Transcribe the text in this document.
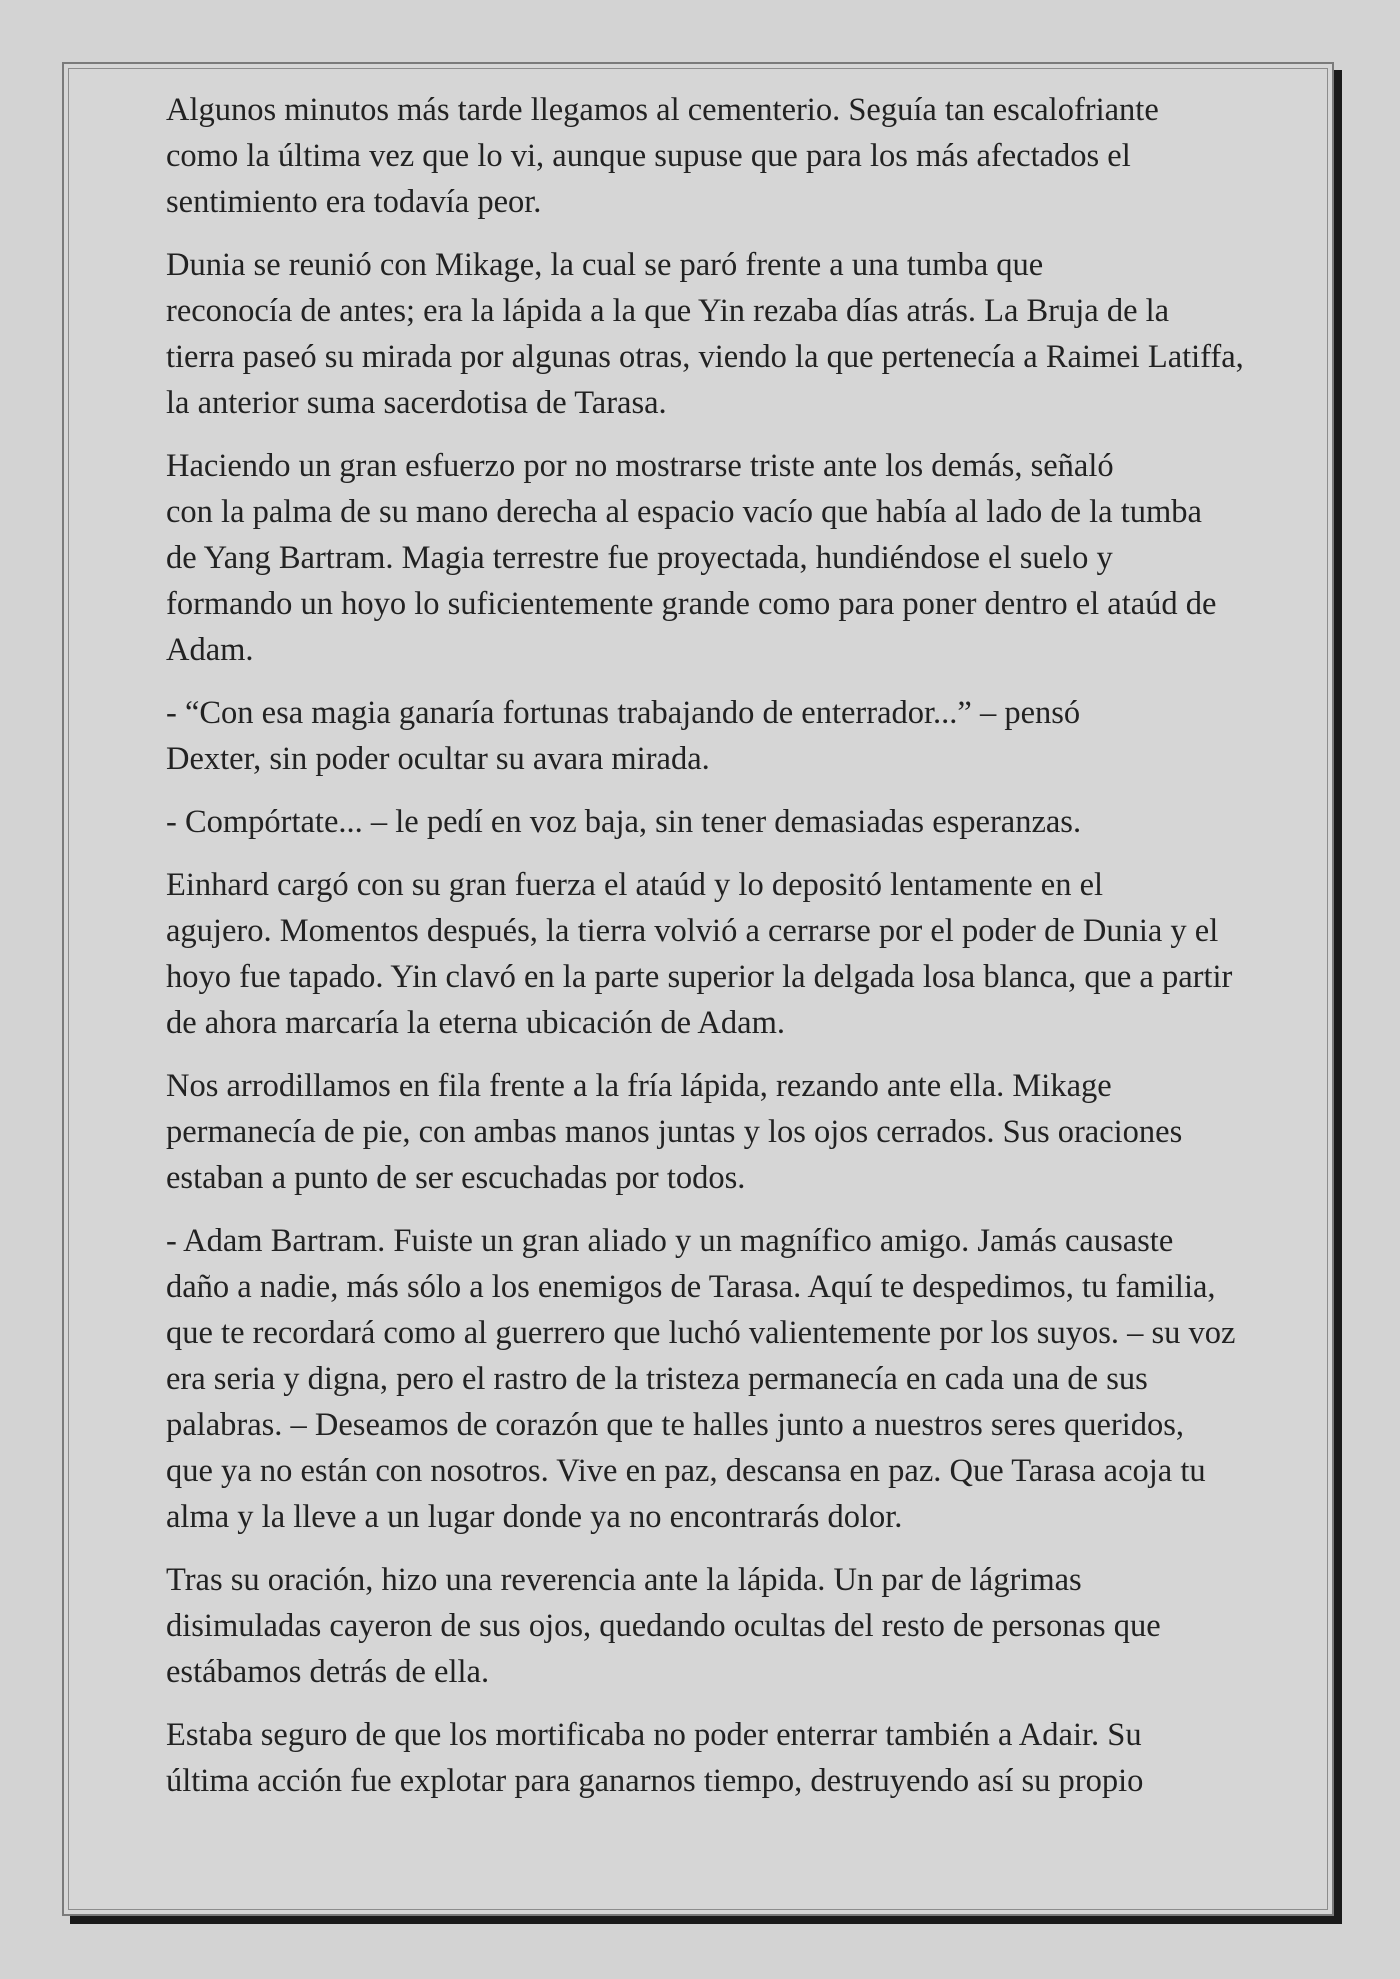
Algunos minutos más tarde llegamos al cementerio. Seguía tan escalofriante
como la última vez que lo vi, aunque supuse que para los más afectados el
sentimiento era todavía peor.

Dunia se reunió con Mikage, la cual se paró frente a una tumba que
reconocía de antes; era la lápida a la que Yin rezaba días atrás. La Bruja de la
tierra paseó su mirada por algunas otras, viendo la que pertenecía a Raimei Latiffa,
la anterior suma sacerdotisa de Tarasa.

Haciendo un gran esfuerzo por no mostrarse triste ante los demás, señaló
con la palma de su mano derecha al espacio vacío que había al lado de la tumba
de Yang Bartram. Magia terrestre fue proyectada, hundiéndose el suelo y
formando un hoyo lo suficientemente grande como para poner dentro el ataúd de
Adam.

- “Con esa magia ganaría fortunas trabajando de enterrador...” – pensó
Dexter, sin poder ocultar su avara mirada.

- Compórtate... – le pedí en voz baja, sin tener demasiadas esperanzas.

Einhard cargó con su gran fuerza el ataúd y lo depositó lentamente en el
agujero. Momentos después, la tierra volvió a cerrarse por el poder de Dunia y el
hoyo fue tapado. Yin clavó en la parte superior la delgada losa blanca, que a partir
de ahora marcaría la eterna ubicación de Adam.

Nos arrodillamos en fila frente a la fría lápida, rezando ante ella. Mikage
permanecía de pie, con ambas manos juntas y los ojos cerrados. Sus oraciones
estaban a punto de ser escuchadas por todos.

- Adam Bartram. Fuiste un gran aliado y un magnífico amigo. Jamás causaste
daño a nadie, más sólo a los enemigos de Tarasa. Aquí te despedimos, tu familia,
que te recordará como al guerrero que luchó valientemente por los suyos. – su voz
era seria y digna, pero el rastro de la tristeza permanecía en cada una de sus
palabras. – Deseamos de corazón que te halles junto a nuestros seres queridos,
que ya no están con nosotros. Vive en paz, descansa en paz. Que Tarasa acoja tu
alma y la lleve a un lugar donde ya no encontrarás dolor.

Tras su oración, hizo una reverencia ante la lápida. Un par de lágrimas
disimuladas cayeron de sus ojos, quedando ocultas del resto de personas que
estábamos detrás de ella.

Estaba seguro de que los mortificaba no poder enterrar también a Adair. Su
última acción fue explotar para ganarnos tiempo, destruyendo así su propio
